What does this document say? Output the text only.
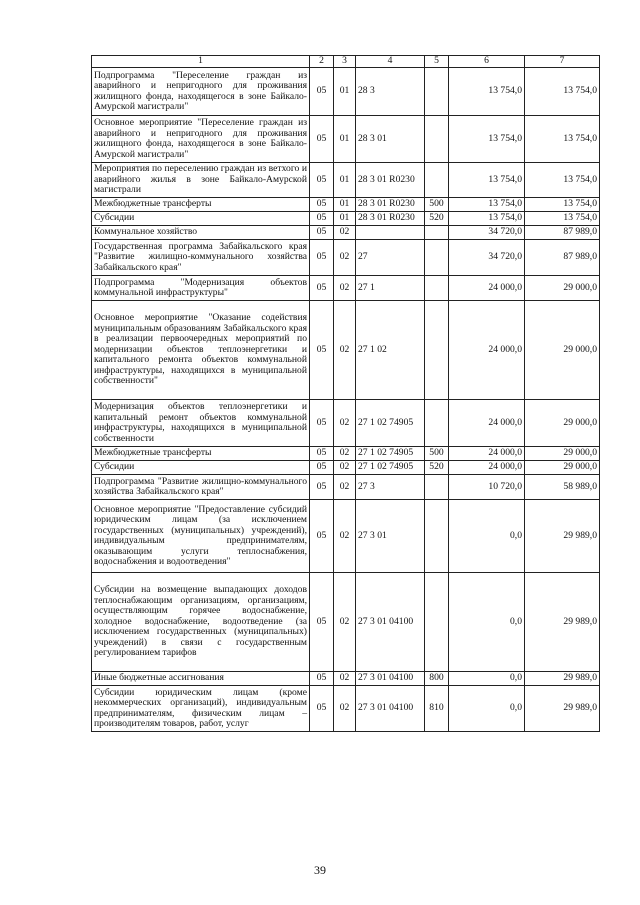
1	2	3	4	5	6	7
Подпрограмма "Переселение граждан из аварийного и непригодного для проживания жилищного фонда, находящегося в зоне Байкало-Амурской магистрали"	05	01	28 3		13 754,0	13 754,0
Основное мероприятие "Переселение граждан из аварийного и непригодного для проживания жилищного фонда, находящегося в зоне Байкало-Амурской магистрали"	05	01	28 3 01		13 754,0	13 754,0
Мероприятия по переселению граждан из ветхого и аварийного жилья в зоне Байкало-Амурской магистрали	05	01	28 3 01 R0230		13 754,0	13 754,0
Межбюджетные трансферты	05	01	28 3 01 R0230	500	13 754,0	13 754,0
Субсидии	05	01	28 3 01 R0230	520	13 754,0	13 754,0
Коммунальное хозяйство	05	02			34 720,0	87 989,0
Государственная программа Забайкальского края "Развитие жилищно-коммунального хозяйства Забайкальского края"	05	02	27		34 720,0	87 989,0
Подпрограмма "Модернизация объектов коммунальной инфраструктуры"	05	02	27 1		24 000,0	29 000,0
Основное мероприятие "Оказание содействия муниципальным образованиям Забайкальского края в реализации первоочередных мероприятий по модернизации объектов теплоэнергетики и капитального ремонта объектов коммунальной инфраструктуры, находящихся в муниципальной собственности"	05	02	27 1 02		24 000,0	29 000,0
Модернизация объектов теплоэнергетики и капитальный ремонт объектов коммунальной инфраструктуры, находящихся в муниципальной собственности	05	02	27 1 02 74905		24 000,0	29 000,0
Межбюджетные трансферты	05	02	27 1 02 74905	500	24 000,0	29 000,0
Субсидии	05	02	27 1 02 74905	520	24 000,0	29 000,0
Подпрограмма "Развитие жилищно-коммунального хозяйства Забайкальского края"	05	02	27 3		10 720,0	58 989,0
Основное мероприятие "Предоставление субсидий юридическим лицам (за исключением государственных (муниципальных) учреждений), индивидуальным предпринимателям, оказывающим услуги теплоснабжения, водоснабжения и водоотведения"	05	02	27 3 01		0,0	29 989,0
Субсидии на возмещение выпадающих доходов теплоснабжающим организациям, организациям, осуществляющим горячее водоснабжение, холодное водоснабжение, водоотведение (за исключением государственных (муниципальных) учреждений) в связи с государственным регулированием тарифов	05	02	27 3 01 04100		0,0	29 989,0
Иные бюджетные ассигнования	05	02	27 3 01 04100	800	0,0	29 989,0
Субсидии юридическим лицам (кроме некоммерческих организаций), индивидуальным предпринимателям, физическим лицам – производителям товаров, работ, услуг	05	02	27 3 01 04100	810	0,0	29 989,0
39
